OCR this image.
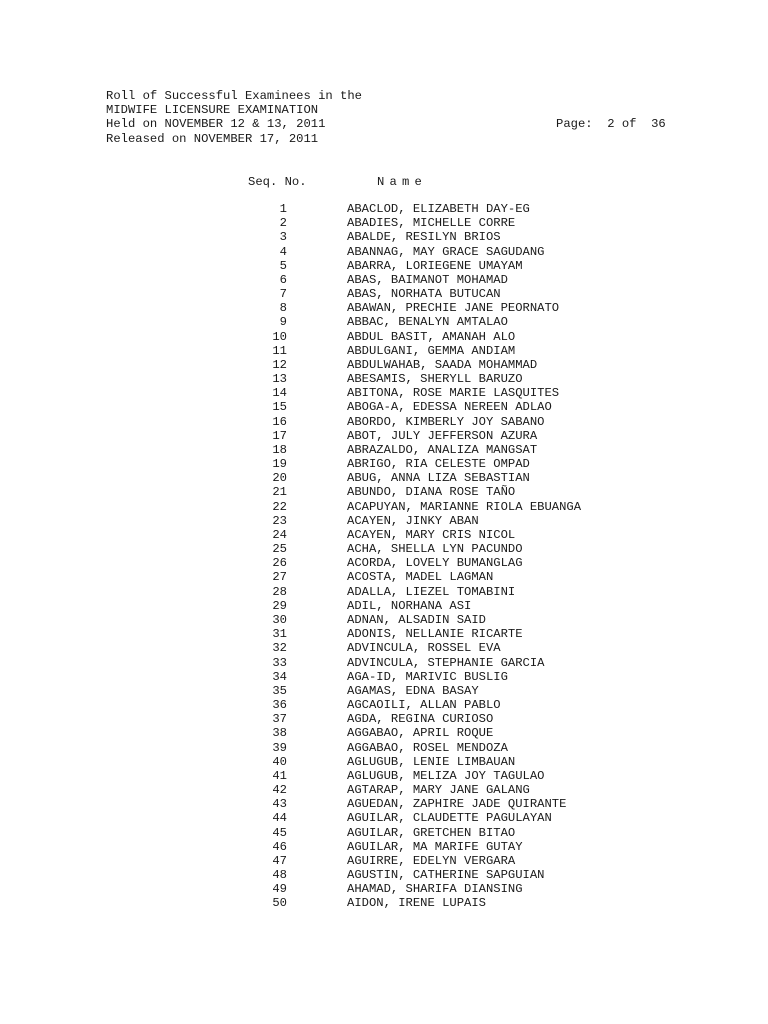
Roll of Successful Examinees in the
MIDWIFE LICENSURE EXAMINATION
Held on NOVEMBER 12 & 13, 2011
Released on NOVEMBER 17, 2011
Page:  2 of  36
Seq. No.	Name
1	ABACLOD, ELIZABETH DAY-EG
2	ABADIES, MICHELLE CORRE
3	ABALDE, RESILYN BRIOS
4	ABANNAG, MAY GRACE SAGUDANG
5	ABARRA, LORIEGENE UMAYAM
6	ABAS, BAIMANOT MOHAMAD
7	ABAS, NORHATA BUTUCAN
8	ABAWAN, PRECHIE JANE PEORNATO
9	ABBAC, BENALYN AMTALAO
10	ABDUL BASIT, AMANAH ALO
11	ABDULGANI, GEMMA ANDIAM
12	ABDULWAHAB, SAADA MOHAMMAD
13	ABESAMIS, SHERYLL BARUZO
14	ABITONA, ROSE MARIE LASQUITES
15	ABOGA-A, EDESSA NEREEN ADLAO
16	ABORDO, KIMBERLY JOY SABANO
17	ABOT, JULY JEFFERSON AZURA
18	ABRAZALDO, ANALIZA MANGSAT
19	ABRIGO, RIA CELESTE OMPAD
20	ABUG, ANNA LIZA SEBASTIAN
21	ABUNDO, DIANA ROSE TAÑO
22	ACAPUYAN, MARIANNE RIOLA EBUANGA
23	ACAYEN, JINKY ABAN
24	ACAYEN, MARY CRIS NICOL
25	ACHA, SHELLA LYN PACUNDO
26	ACORDA, LOVELY BUMANGLAG
27	ACOSTA, MADEL LAGMAN
28	ADALLA, LIEZEL TOMABINI
29	ADIL, NORHANA ASI
30	ADNAN, ALSADIN SAID
31	ADONIS, NELLANIE RICARTE
32	ADVINCULA, ROSSEL EVA
33	ADVINCULA, STEPHANIE GARCIA
34	AGA-ID, MARIVIC BUSLIG
35	AGAMAS, EDNA BASAY
36	AGCAOILI, ALLAN PABLO
37	AGDA, REGINA CURIOSO
38	AGGABAO, APRIL ROQUE
39	AGGABAO, ROSEL MENDOZA
40	AGLUGUB, LENIE LIMBAUAN
41	AGLUGUB, MELIZA JOY TAGULAO
42	AGTARAP, MARY JANE GALANG
43	AGUEDAN, ZAPHIRE JADE QUIRANTE
44	AGUILAR, CLAUDETTE PAGULAYAN
45	AGUILAR, GRETCHEN BITAO
46	AGUILAR, MA MARIFE GUTAY
47	AGUIRRE, EDELYN VERGARA
48	AGUSTIN, CATHERINE SAPGUIAN
49	AHAMAD, SHARIFA DIANSING
50	AIDON, IRENE LUPAIS
